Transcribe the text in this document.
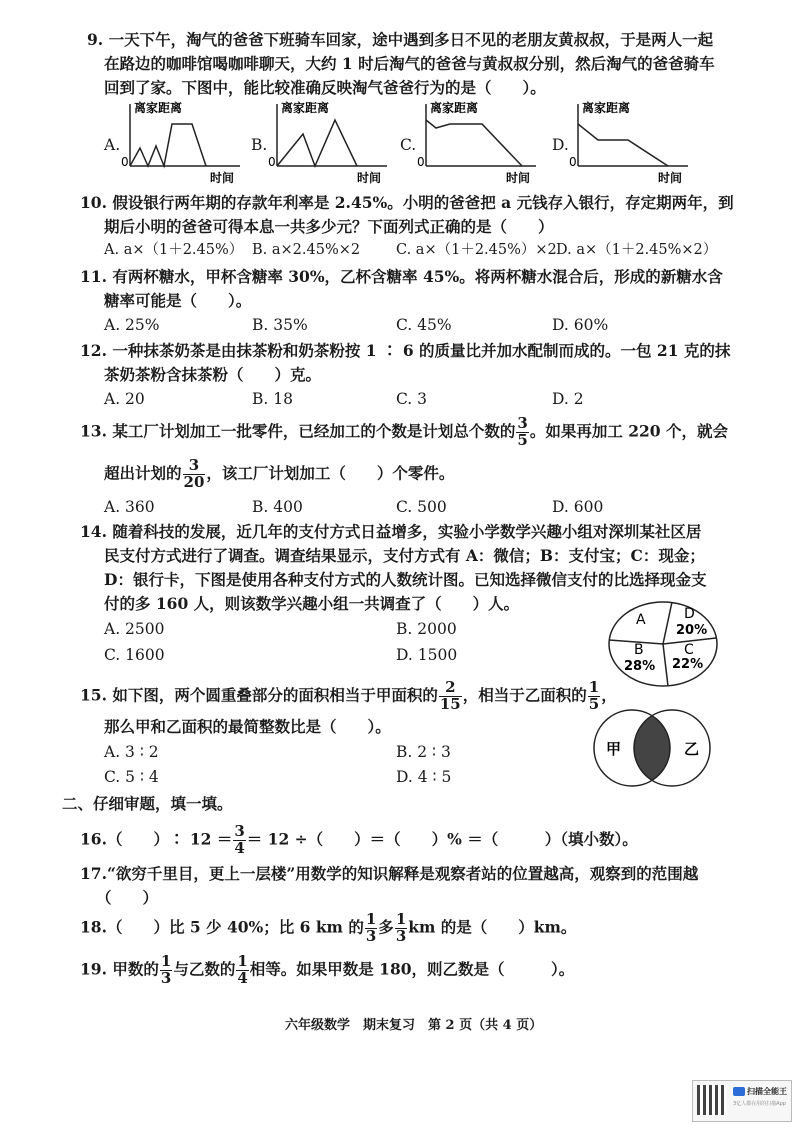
9. 一天下午，淘气的爸爸下班骑车回家，途中遇到多日不见的老朋友黄叔叔，于是两人一起
在路边的咖啡馆喝咖啡聊天，大约 1 时后淘气的爸爸与黄叔叔分别，然后淘气的爸爸骑车
回到了家。下图中，能比较准确反映淘气爸爸行为的是（　　）。
A.
离家距离
0
时间
B.
离家距离
0
时间
C.
离家距离
0
时间
D.
离家距离
0
时间
10. 假设银行两年期的存款年利率是 2.45%。小明的爸爸把 a 元钱存入银行，存定期两年，到
期后小明的爸爸可得本息一共多少元？下面列式正确的是（　　）
A. a×（1＋2.45%） B. a×2.45%×2 C. a×（1＋2.45%）×2 D. a×（1＋2.45%×2）
11. 有两杯糖水，甲杯含糖率 30%，乙杯含糖率 45%。将两杯糖水混合后，形成的新糖水含
糖率可能是（　　）。
A. 25%	B. 35%	C. 45%	D. 60%
12. 一种抹茶奶茶是由抹茶粉和奶茶粉按 1 ∶ 6 的质量比并加水配制而成的。一包 21 克的抹
茶奶茶粉含抹茶粉（　　）克。
A. 20	B. 18	C. 3	D. 2
13. 某工厂计划加工一批零件，已经加工的个数是计划总个数的 $\frac{3}{5}$ 。如果再加工 220 个，就会
超出计划的 $\frac{3}{20}$ ，该工厂计划加工（　　）个零件。
A. 360	B. 400	C. 500	D. 600
14. 随着科技的发展，近几年的支付方式日益增多，实验小学数学兴趣小组对深圳某社区居
民支付方式进行了调查。调查结果显示，支付方式有 A：微信；B：支付宝；C：现金；
D：银行卡，下图是使用各种支付方式的人数统计图。已知选择微信支付的比选择现金支
付的多 160 人，则该数学兴趣小组一共调查了（　　）人。
A. 2500	B. 2000
C. 1600	D. 1500
A	D
20%
B
28%
C
22%
15. 如下图，两个圆重叠部分的面积相当于甲面积的 $\frac{2}{15}$ ，相当于乙面积的 $\frac{1}{5}$ ，
那么甲和乙面积的最简整数比是（　　）。
A. 3 ∶ 2	B. 2 ∶ 3
C. 5 ∶ 4	D. 4 ∶ 5
甲	乙
二、仔细审题，填一填。
16.（　　）∶ $12 = \frac{3}{4} = 12$ ÷（　　）＝（　　）% ＝（　　　）（填小数）。
17.“欲穷千里目，更上一层楼”用数学的知识解释是观察者站的位置越高，观察到的范围越
（　　）
18.（　　）比 5 少 40%；比 6 km 的 $\frac{1}{3}$ 多 $\frac{1}{3}$ km 的是（　　）km。
19. 甲数的 $\frac{1}{3}$ 与乙数的 $\frac{1}{4}$ 相等。如果甲数是 180，则乙数是（　　　）。
六年级数学　期末复习　第 2 页（共 4 页）
扫描全能王
3亿人都在用的扫描App
